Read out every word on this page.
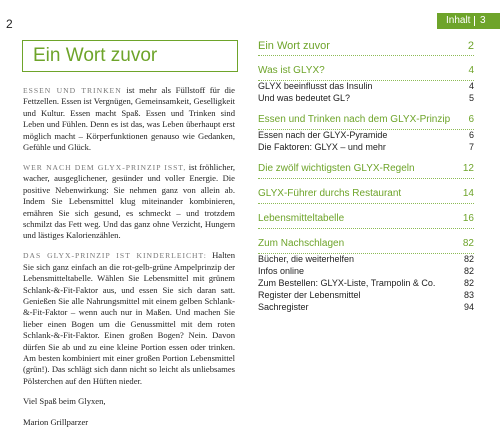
2
Ein Wort zuvor

ESSEN UND TRINKEN ist mehr als Füllstoff für die Fettzellen. Essen ist Vergnügen, Gemeinsamkeit, Geselligkeit und Kultur. Essen macht Spaß. Essen und Trinken sind Leben und Fühlen. Denn es ist das, was Leben überhaupt erst möglich macht – Körperfunktionen genauso wie Gedanken, Gefühle und Glück.

WER NACH DEM GLYX-PRINZIP ISST, ist fröhlicher, wacher, ausgeglichener, gesünder und voller Energie. Die positive Nebenwirkung: Sie nehmen ganz von allein ab. Indem Sie Lebensmittel klug miteinander kombinieren, ernähren Sie sich gesund, es schmeckt – und trotzdem schmilzt das Fett weg. Und das ganz ohne Verzicht, Hungern und lästiges Kalorienzählen.

DAS GLYX-PRINZIP IST KINDERLEICHT: Halten Sie sich ganz einfach an die rot-gelb-grüne Ampelprinzip der Lebensmitteltabelle. Wählen Sie Lebensmittel mit grünem Schlank-&-Fit-Faktor aus, und essen Sie sich daran satt. Genießen Sie alle Nahrungsmittel mit einem gelben Schlank-&-Fit-Faktor – wenn auch nur in Maßen. Und machen Sie lieber einen Bogen um die Genussmittel mit dem roten Schlank-&-Fit-Faktor. Einen großen Bogen? Nein. Davon dürfen Sie ab und zu eine kleine Portion essen oder trinken. Am besten kombiniert mit einer großen Portion Lebensmittel (grün!). Das schlägt sich dann nicht so leicht als unliebsames Pölsterchen auf den Hüften nieder.

Viel Spaß beim Glyxen,

Marion Grillparzer

Inhalt 3
Ein Wort zuvor	2
Was ist GLYX?	4
GLYX beeinflusst das Insulin	4
Und was bedeutet GL?	5
Essen und Trinken nach dem GLYX-Prinzip 6
Essen nach der GLYX-Pyramide	6
Die Faktoren: GLYX – und mehr	7
Die zwölf wichtigsten GLYX-Regeln	12
GLYX-Führer durchs Restaurant	14
Lebensmitteltabelle	16
Zum Nachschlagen	82
Bücher, die weiterhelfen	82
Infos online	82
Zum Bestellen: GLYX-Liste, Trampolin & Co.	82
Register der Lebensmittel	83
Sachregister	94
